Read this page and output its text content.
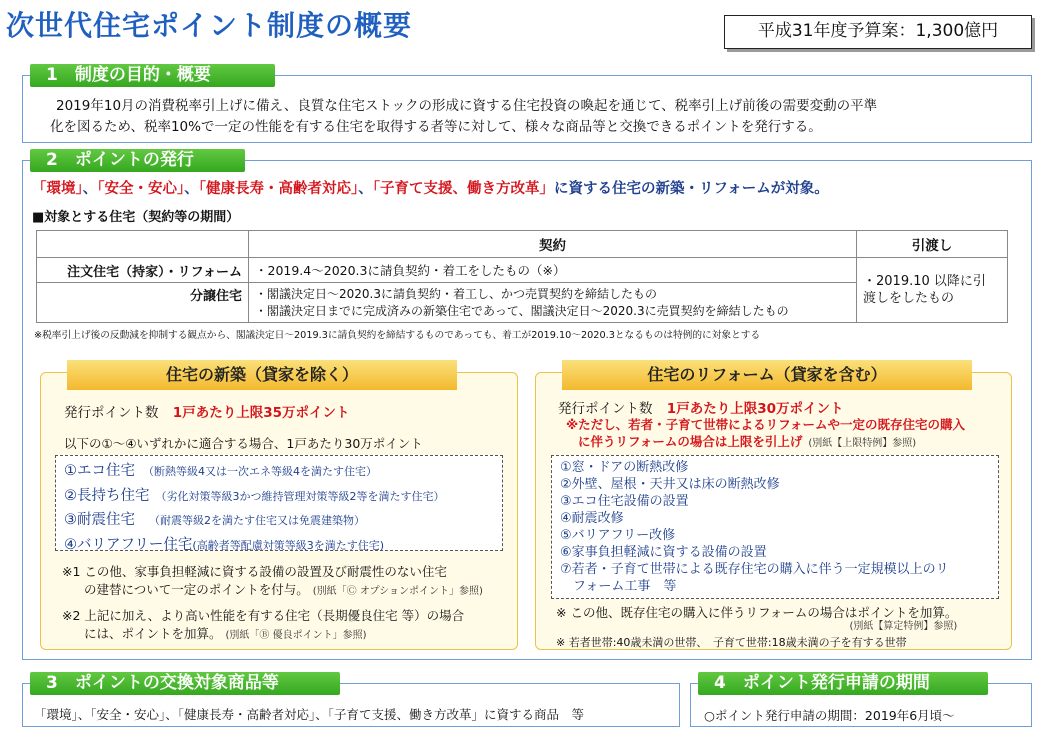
次世代住宅ポイント制度の概要	平成31年度予算案：1,300億円
1　制度の目的・概要
2019年10月の消費税率引上げに備え、良質な住宅ストックの形成に資する住宅投資の喚起を通じて、税率引上げ前後の需要変動の平準
化を図るため、税率10%で一定の性能を有する住宅を取得する者等に対して、様々な商品等と交換できるポイントを発行する。
2　ポイントの発行
「環境」、「安全・安心」、「健康長寿・高齢者対応」、「子育て支援、働き方改革」に資する住宅の新築・リフォームが対象。
■対象とする住宅（契約等の期間）
	契約	引渡し
注文住宅（持家）・リフォーム	・2019.4～2020.3に請負契約・着工をしたもの（※）	・2019.10 以降に引
渡しをしたもの

分譲住宅	・閣議決定日～2020.3に請負契約・着工し、かつ売買契約を締結したもの
・閣議決定日までに完成済みの新築住宅であって、閣議決定日～2020.3に売買契約を締結したもの	
※税率引上げ後の反動減を抑制する観点から、閣議決定日～2019.3に請負契約を締結するものであっても、着工が2019.10～2020.3となるものは特例的に対象とする
住宅の新築（貸家を除く）
発行ポイント数 1戸あたり上限35万ポイント
以下の①～④いずれかに適合する場合、1戸あたり30万ポイント
①エコ住宅 （断熱等級4又は一次エネ等級4を満たす住宅）
②長持ち住宅 （劣化対策等級3かつ維持管理対策等級2等を満たす住宅）
③耐震住宅 （耐震等級2を満たす住宅又は免震建築物）
④バリアフリー住宅(高齢者等配慮対策等級3を満たす住宅)
※1 この他、家事負担軽減に資する設備の設置及び耐震性のない住宅
の建替について一定のポイントを付与。 (別紙「Ⓒ オプションポイント」参照)
※2 上記に加え、より高い性能を有する住宅（長期優良住宅 等）の場合
には、ポイントを加算。 (別紙「Ⓑ 優良ポイント」参照)
住宅のリフォーム（貸家を含む）
発行ポイント数 1戸あたり上限30万ポイント
※ただし、若者・子育て世帯によるリフォームや一定の既存住宅の購入
に伴うリフォームの場合は上限を引上げ (別紙【上限特例】参照)
①窓・ドアの断熱改修
②外壁、屋根・天井又は床の断熱改修
③エコ住宅設備の設置
④耐震改修
⑤バリアフリー改修
⑥家事負担軽減に資する設備の設置
⑦若者・子育て世帯による既存住宅の購入に伴う一定規模以上のリ
　フォーム工事　等
※ この他、既存住宅の購入に伴うリフォームの場合はポイントを加算。
(別紙【算定特例】参照)
※ 若者世帯:40歳未満の世帯、　子育て世帯:18歳未満の子を有する世帯
3　ポイントの交換対象商品等
「環境」、「安全・安心」、「健康長寿・高齢者対応」、「子育て支援、働き方改革」に資する商品　等
4　ポイント発行申請の期間
○ポイント発行申請の期間：2019年6月頃～
